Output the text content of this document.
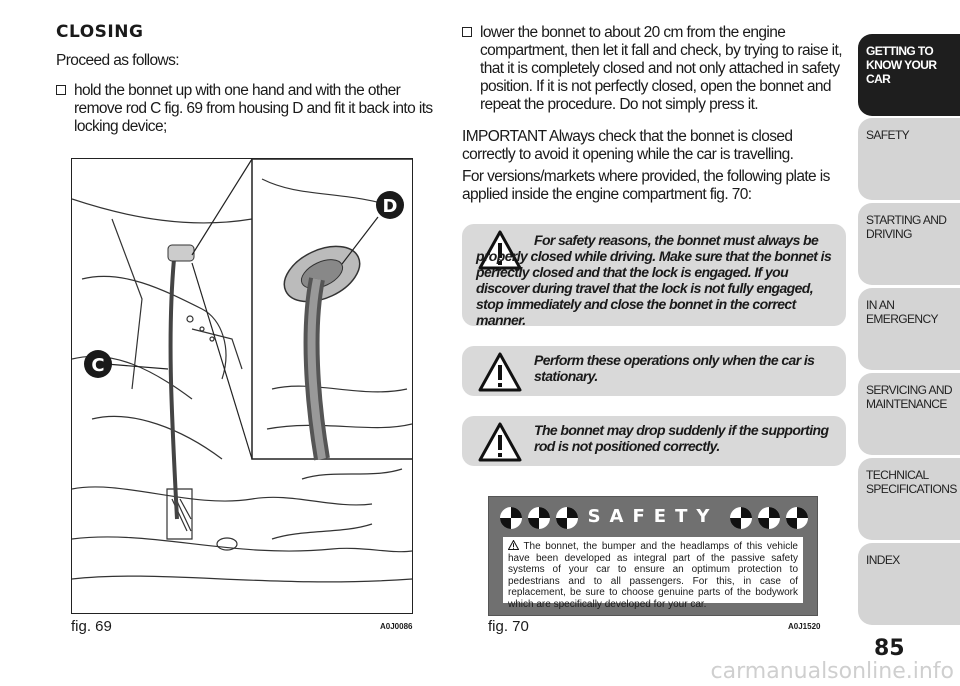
CLOSING
Proceed as follows:
hold the bonnet up with one hand and with the other remove rod C fig. 69 from housing D and fit it back into its locking device;
D
C
fig. 69	A0J0086
lower the bonnet to about 20 cm from the engine compartment, then let it fall and check, by trying to raise it, that it is completely closed and not only attached in safety position. If it is not perfectly closed, open the bonnet and repeat the procedure. Do not simply press it.
IMPORTANT Always check that the bonnet is closed correctly to avoid it opening while the car is travelling.
For versions/markets where provided, the following plate is applied inside the engine compartment fig. 70:
For safety reasons, the bonnet must always be properly closed while driving. Make sure that the bonnet is perfectly closed and that the lock is engaged. If you discover during travel that the lock is not fully engaged, stop immediately and close the bonnet in the correct manner.
Perform these operations only when the car is stationary.
The bonnet may drop suddenly if the supporting rod is not positioned correctly.
SAFETY
The bonnet, the bumper and the headlamps of this vehicle have been developed as integral part of the passive safety systems of your car to ensure an optimum protection to pedestrians and to all passengers. For this, in case of replacement, be sure to choose genuine parts of the bodywork which are specifically developed for your car.
fig. 70	A0J1520
GETTING TO KNOW YOUR CAR
SAFETY
STARTING AND DRIVING
IN AN EMERGENCY
SERVICING AND MAINTENANCE
TECHNICAL SPECIFICATIONS
INDEX
85
carmanualsonline.info
